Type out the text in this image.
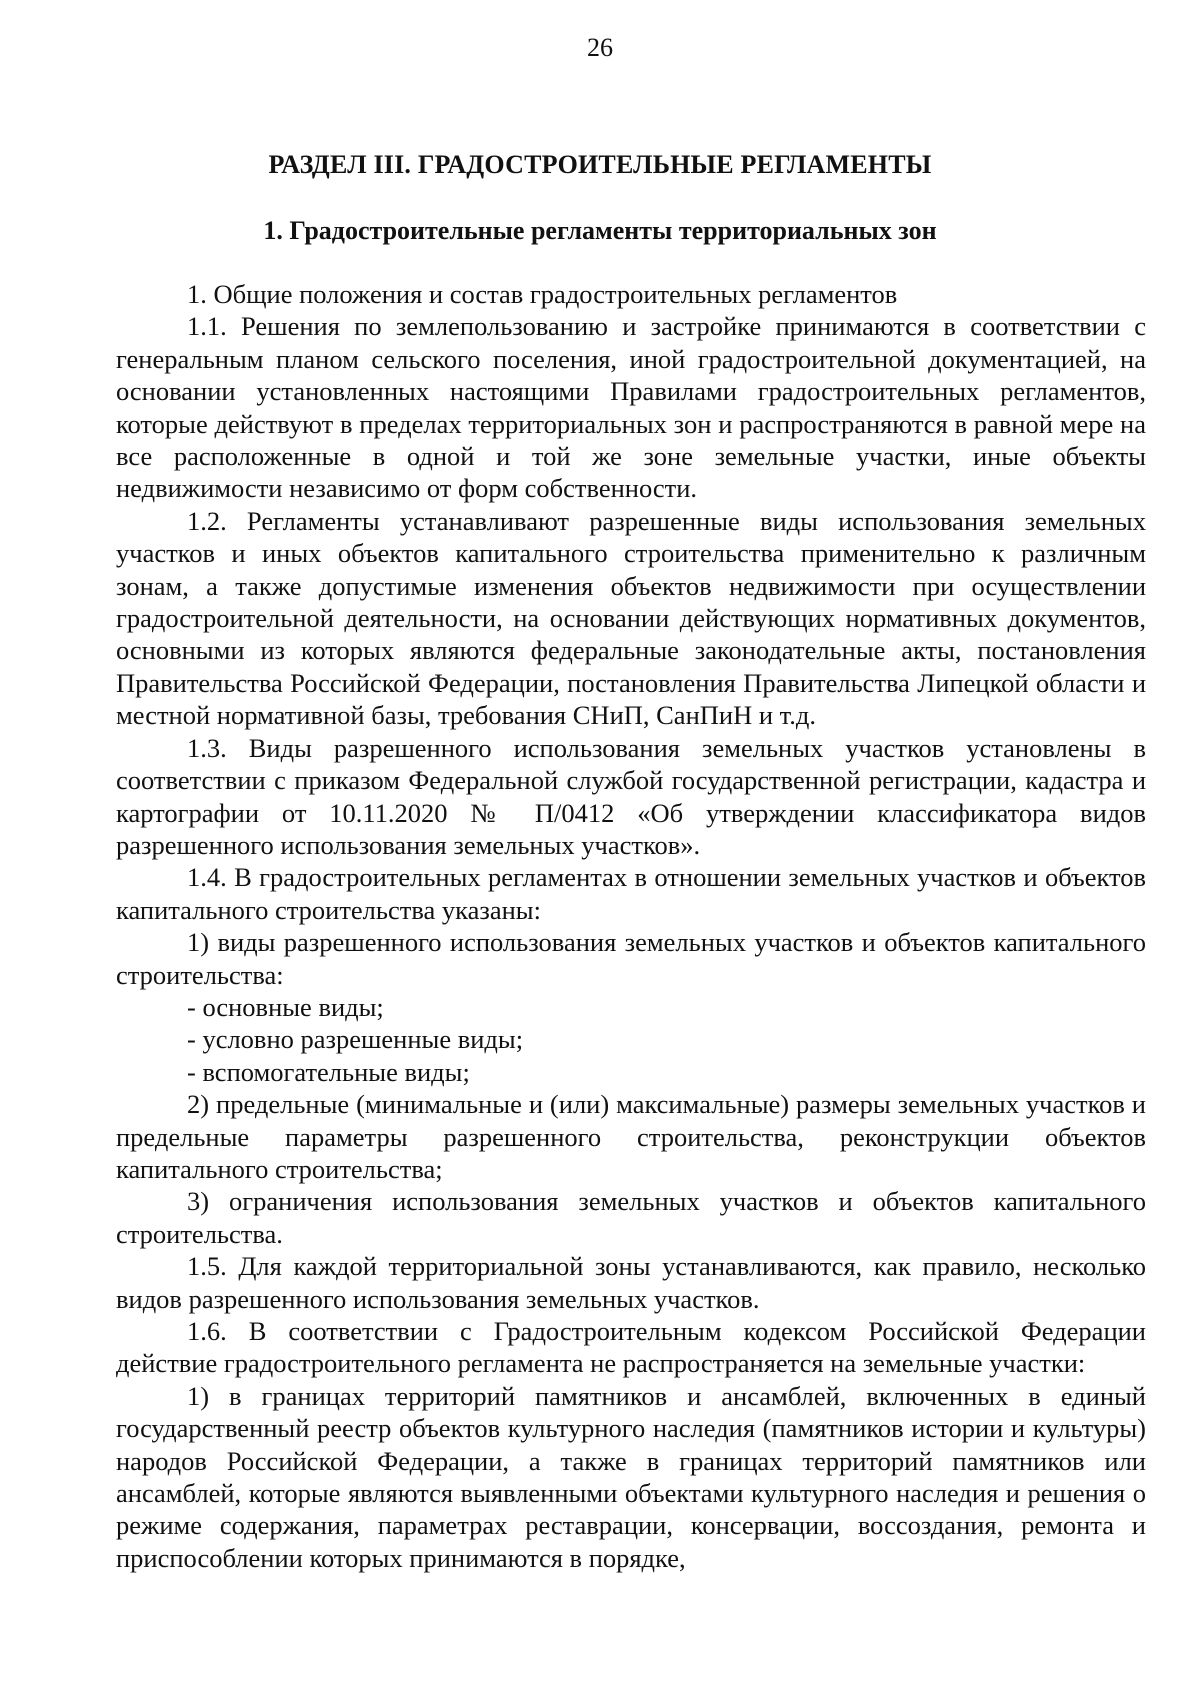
26
РАЗДЕЛ III. ГРАДОСТРОИТЕЛЬНЫЕ РЕГЛАМЕНТЫ
1. Градостроительные регламенты территориальных зон

1. Общие положения и состав градостроительных регламентов

1.1. Решения по землепользованию и застройке принимаются в соответствии с генеральным планом сельского поселения, иной градостроительной документацией, на основании установленных настоящими Правилами градостроительных регламентов, которые действуют в пределах территориальных зон и распространяются в равной мере на все расположенные в одной и той же зоне земельные участки, иные объекты недвижимости независимо от форм собственности.

1.2. Регламенты устанавливают разрешенные виды использования земельных участков и иных объектов капитального строительства применительно к различным зонам, а также допустимые изменения объектов недвижимости при осуществлении градостроительной деятельности, на основании действующих нормативных документов, основными из которых являются федеральные законодательные акты, постановления Правительства Российской Федерации, постановления Правительства Липецкой области и местной нормативной базы, требования СНиП, СанПиН и т.д.

1.3. Виды разрешенного использования земельных участков установлены в соответствии с приказом Федеральной службой государственной регистрации, кадастра и картографии от 10.11.2020 № П/0412 «Об утверждении классификатора видов разрешенного использования земельных участков».

1.4. В градостроительных регламентах в отношении земельных участков и объектов капитального строительства указаны:

1) виды разрешенного использования земельных участков и объектов капитального строительства:

- основные виды;

- условно разрешенные виды;

- вспомогательные виды;

2) предельные (минимальные и (или) максимальные) размеры земельных участков и предельные параметры разрешенного строительства, реконструкции объектов капитального строительства;

3) ограничения использования земельных участков и объектов капитального строительства.

1.5. Для каждой территориальной зоны устанавливаются, как правило, несколько видов разрешенного использования земельных участков.

1.6. В соответствии с Градостроительным кодексом Российской Федерации действие градостроительного регламента не распространяется на земельные участки:

1) в границах территорий памятников и ансамблей, включенных в единый государственный реестр объектов культурного наследия (памятников истории и культуры) народов Российской Федерации, а также в границах территорий памятников или ансамблей, которые являются выявленными объектами культурного наследия и решения о режиме содержания, параметрах реставрации, консервации, воссоздания, ремонта и приспособлении которых принимаются в порядке,
